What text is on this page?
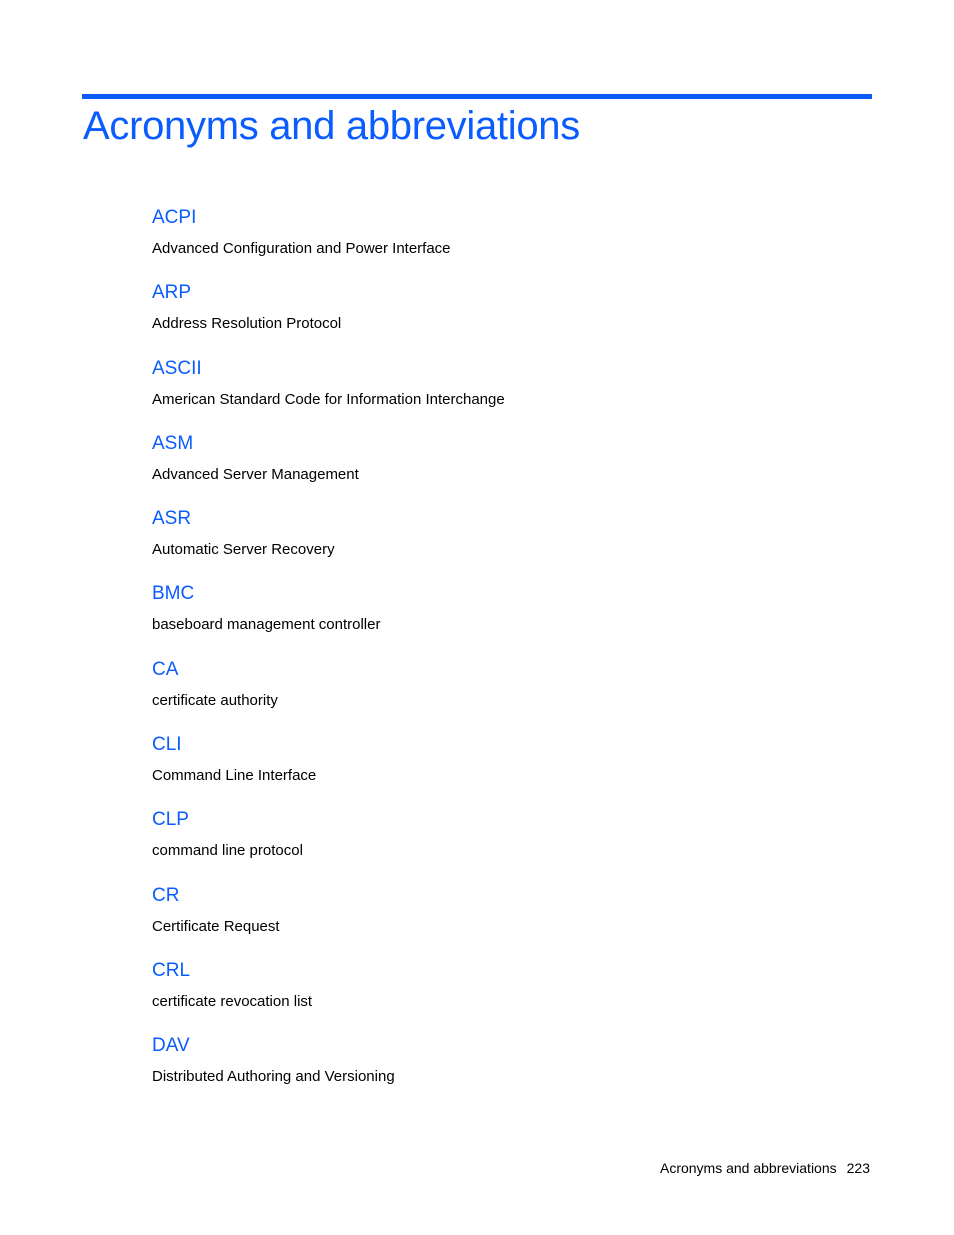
Acronyms and abbreviations
ACPI

Advanced Configuration and Power Interface

ARP

Address Resolution Protocol

ASCII

American Standard Code for Information Interchange

ASM

Advanced Server Management

ASR

Automatic Server Recovery

BMC

baseboard management controller

CA

certificate authority

CLI

Command Line Interface

CLP

command line protocol

CR

Certificate Request

CRL

certificate revocation list

DAV

Distributed Authoring and Versioning

Acronyms and abbreviations 223
